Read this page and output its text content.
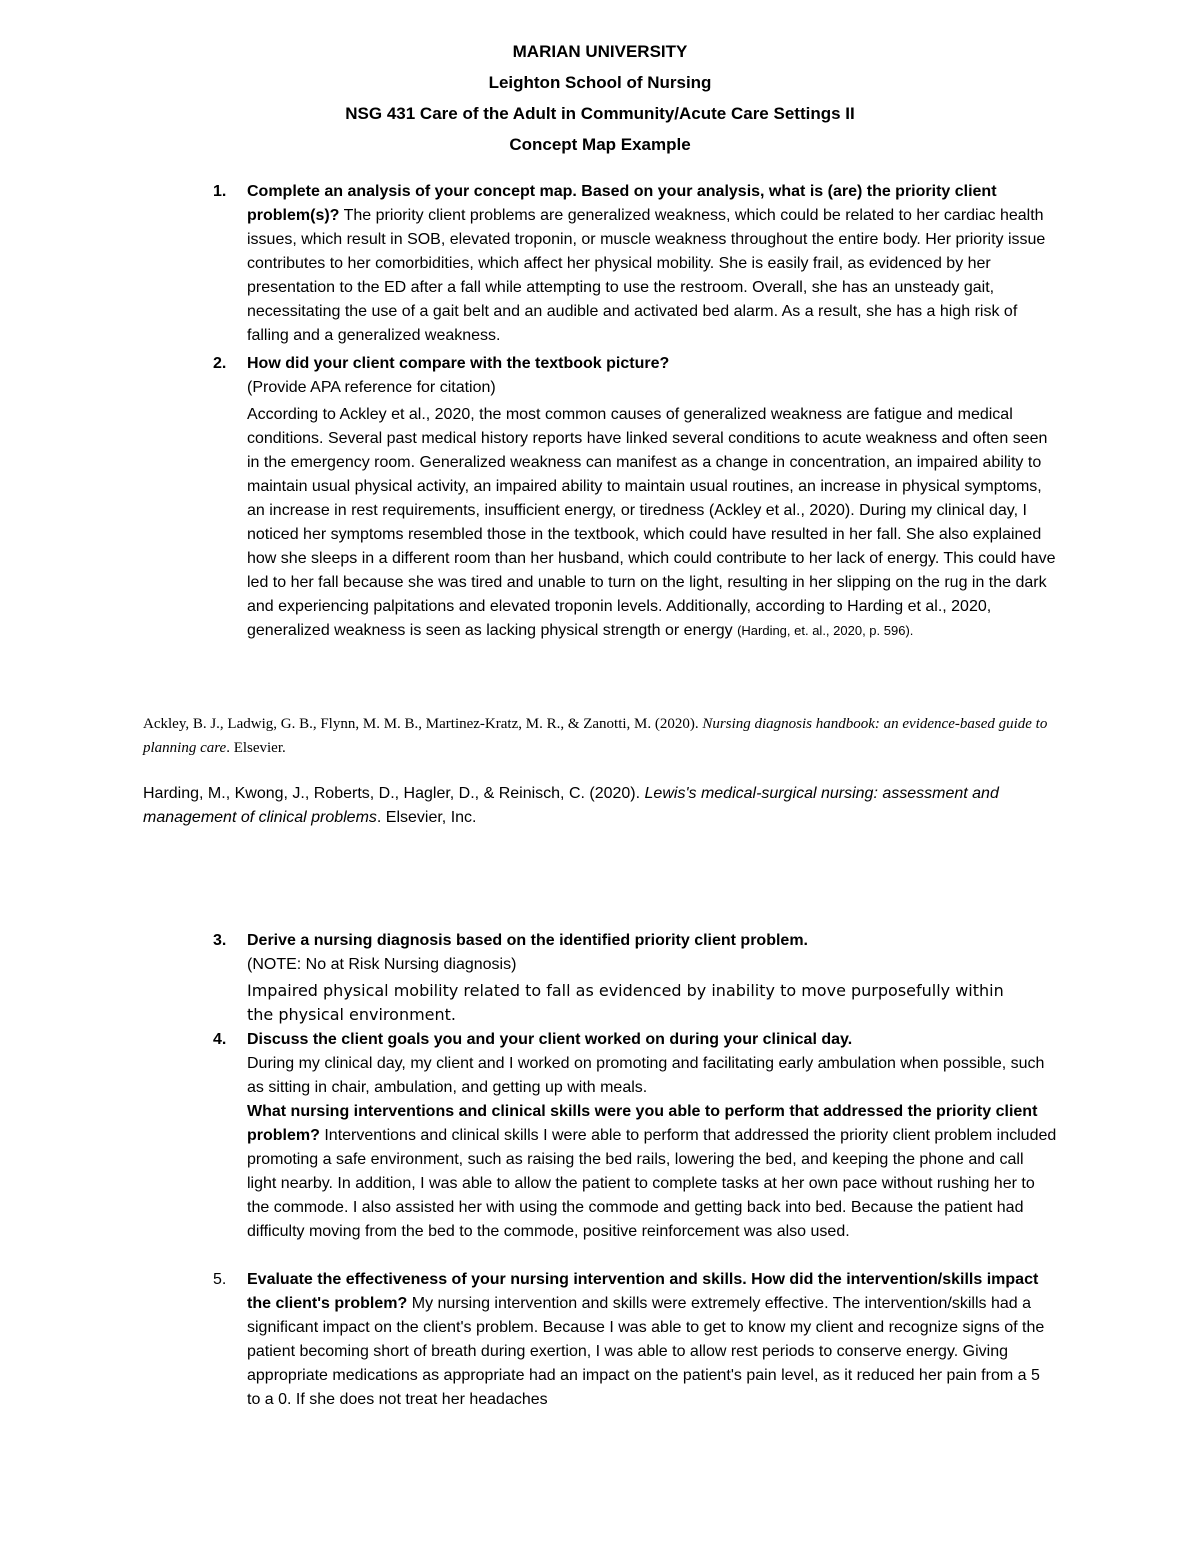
MARIAN UNIVERSITY
Leighton School of Nursing
NSG 431 Care of the Adult in Community/Acute Care Settings II
Concept Map Example
1. Complete an analysis of your concept map. Based on your analysis, what is (are) the priority client problem(s)? The priority client problems are generalized weakness, which could be related to her cardiac health issues, which result in SOB, elevated troponin, or muscle weakness throughout the entire body. Her priority issue contributes to her comorbidities, which affect her physical mobility. She is easily frail, as evidenced by her presentation to the ED after a fall while attempting to use the restroom. Overall, she has an unsteady gait, necessitating the use of a gait belt and an audible and activated bed alarm. As a result, she has a high risk of falling and a generalized weakness.
2. How did your client compare with the textbook picture?
(Provide APA reference for citation)
According to Ackley et al., 2020, the most common causes of generalized weakness are fatigue and medical conditions. Several past medical history reports have linked several conditions to acute weakness and often seen in the emergency room. Generalized weakness can manifest as a change in concentration, an impaired ability to maintain usual physical activity, an impaired ability to maintain usual routines, an increase in physical symptoms, an increase in rest requirements, insufficient energy, or tiredness (Ackley et al., 2020). During my clinical day, I noticed her symptoms resembled those in the textbook, which could have resulted in her fall. She also explained how she sleeps in a different room than her husband, which could contribute to her lack of energy. This could have led to her fall because she was tired and unable to turn on the light, resulting in her slipping on the rug in the dark and experiencing palpitations and elevated troponin levels. Additionally, according to Harding et al., 2020, generalized weakness is seen as lacking physical strength or energy (Harding, et. al., 2020, p. 596).
Ackley, B. J., Ladwig, G. B., Flynn, M. M. B., Martinez-Kratz, M. R., & Zanotti, M. (2020). Nursing diagnosis handbook: an evidence-based guide to planning care. Elsevier.
Harding, M., Kwong, J., Roberts, D., Hagler, D., & Reinisch, C. (2020). Lewis's medical-surgical nursing: assessment and management of clinical problems. Elsevier, Inc.
3. Derive a nursing diagnosis based on the identified priority client problem.
(NOTE: No at Risk Nursing diagnosis)
Impaired physical mobility related to fall as evidenced by inability to move purposefully within the physical environment.
4. Discuss the client goals you and your client worked on during your clinical day.
During my clinical day, my client and I worked on promoting and facilitating early ambulation when possible, such as sitting in chair, ambulation, and getting up with meals.
What nursing interventions and clinical skills were you able to perform that addressed the priority client problem? Interventions and clinical skills I were able to perform that addressed the priority client problem included promoting a safe environment, such as raising the bed rails, lowering the bed, and keeping the phone and call light nearby. In addition, I was able to allow the patient to complete tasks at her own pace without rushing her to the commode. I also assisted her with using the commode and getting back into bed. Because the patient had difficulty moving from the bed to the commode, positive reinforcement was also used.
5. Evaluate the effectiveness of your nursing intervention and skills. How did the intervention/skills impact the client's problem? My nursing intervention and skills were extremely effective. The intervention/skills had a significant impact on the client's problem. Because I was able to get to know my client and recognize signs of the patient becoming short of breath during exertion, I was able to allow rest periods to conserve energy. Giving appropriate medications as appropriate had an impact on the patient's pain level, as it reduced her pain from a 5 to a 0. If she does not treat her headaches
